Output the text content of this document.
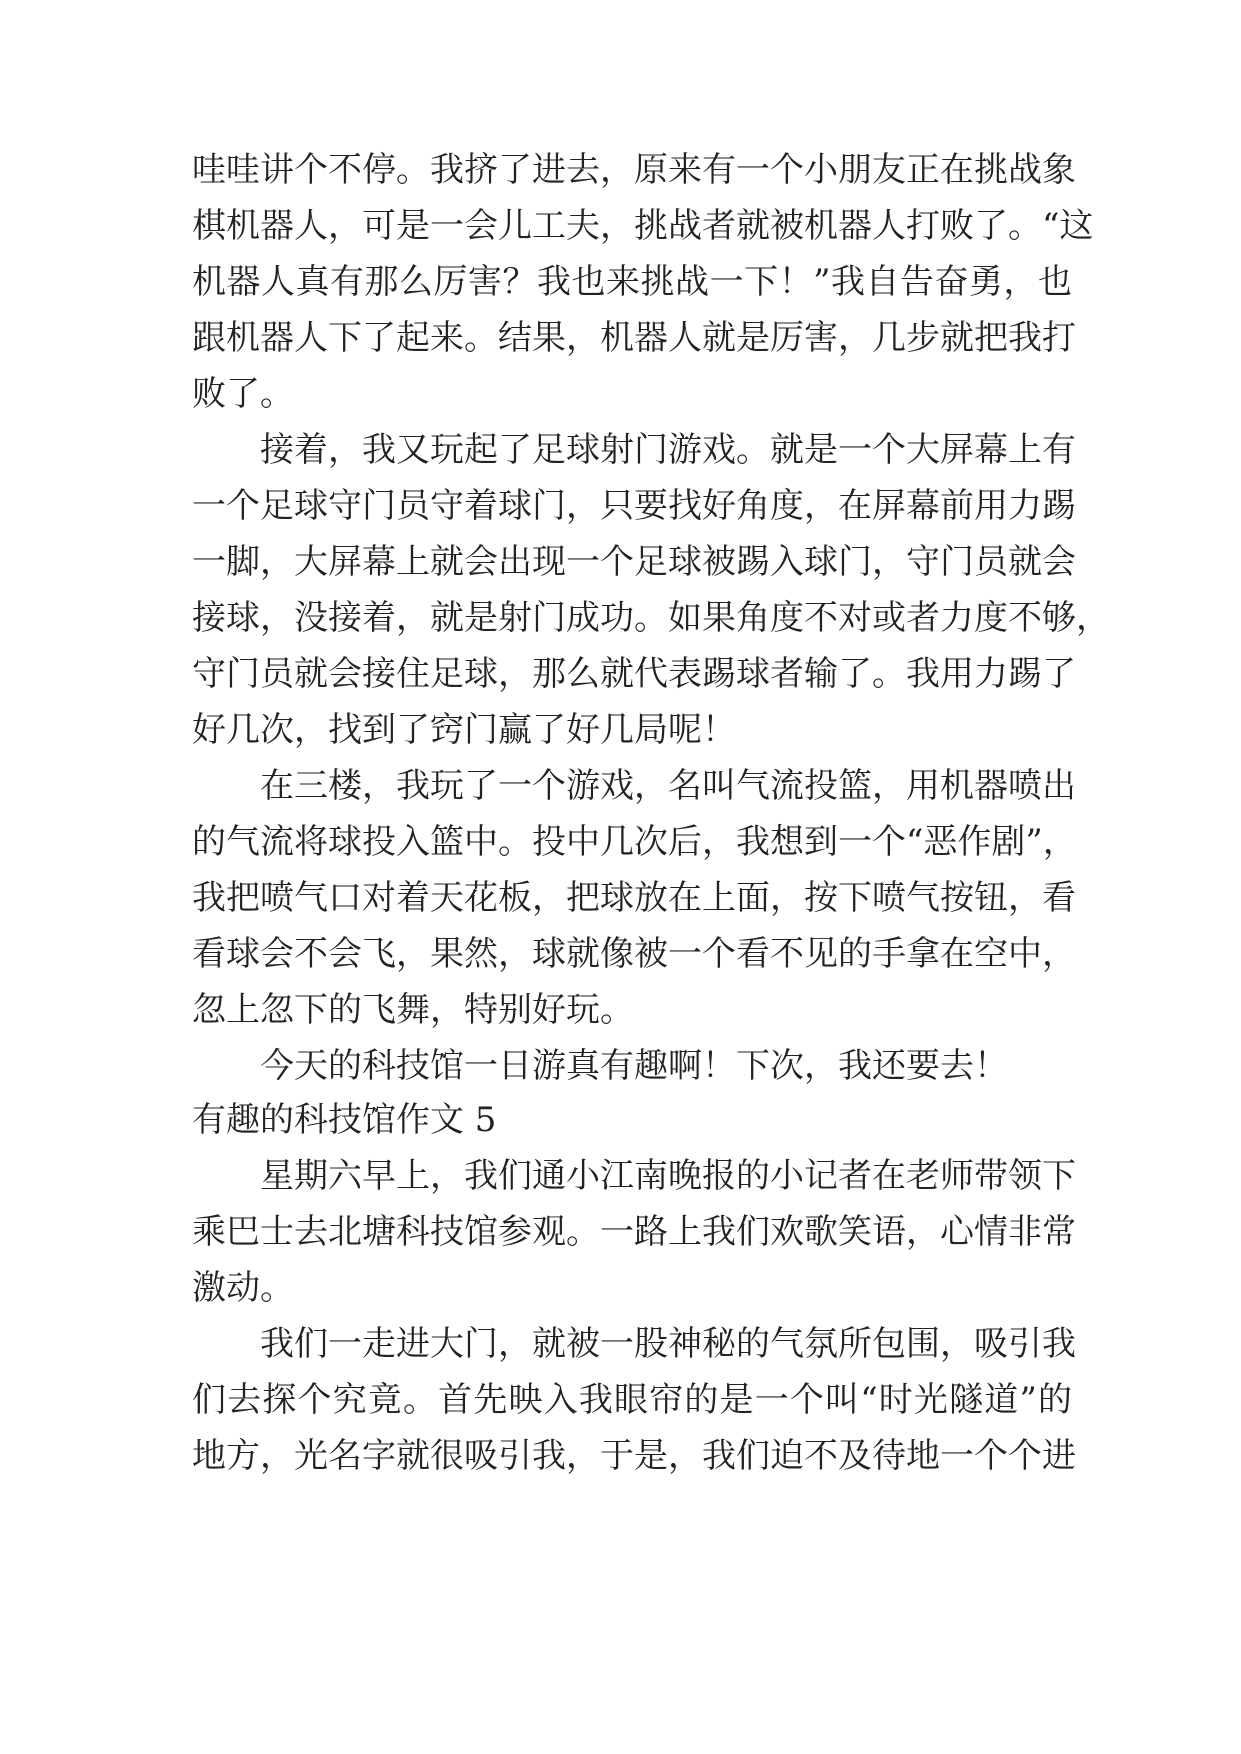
哇哇讲个不停。我挤了进去，原来有一个小朋友正在挑战象
棋机器人，可是一会儿工夫，挑战者就被机器人打败了。“这
机器人真有那么厉害？我也来挑战一下！”我自告奋勇，也
跟机器人下了起来。结果，机器人就是厉害，几步就把我打
败了。
接着，我又玩起了足球射门游戏。就是一个大屏幕上有
一个足球守门员守着球门，只要找好角度，在屏幕前用力踢
一脚，大屏幕上就会出现一个足球被踢入球门，守门员就会
接球，没接着，就是射门成功。如果角度不对或者力度不够，
守门员就会接住足球，那么就代表踢球者输了。我用力踢了
好几次，找到了窍门赢了好几局呢！
在三楼，我玩了一个游戏，名叫气流投篮，用机器喷出
的气流将球投入篮中。投中几次后，我想到一个“恶作剧”，
我把喷气口对着天花板，把球放在上面，按下喷气按钮，看
看球会不会飞，果然，球就像被一个看不见的手拿在空中，
忽上忽下的飞舞，特别好玩。
今天的科技馆一日游真有趣啊！下次，我还要去！
有趣的科技馆作文 5
星期六早上，我们通小江南晚报的小记者在老师带领下
乘巴士去北塘科技馆参观。一路上我们欢歌笑语，心情非常
激动。
我们一走进大门，就被一股神秘的气氛所包围，吸引我
们去探个究竟。首先映入我眼帘的是一个叫“时光隧道”的
地方，光名字就很吸引我，于是，我们迫不及待地一个个进
